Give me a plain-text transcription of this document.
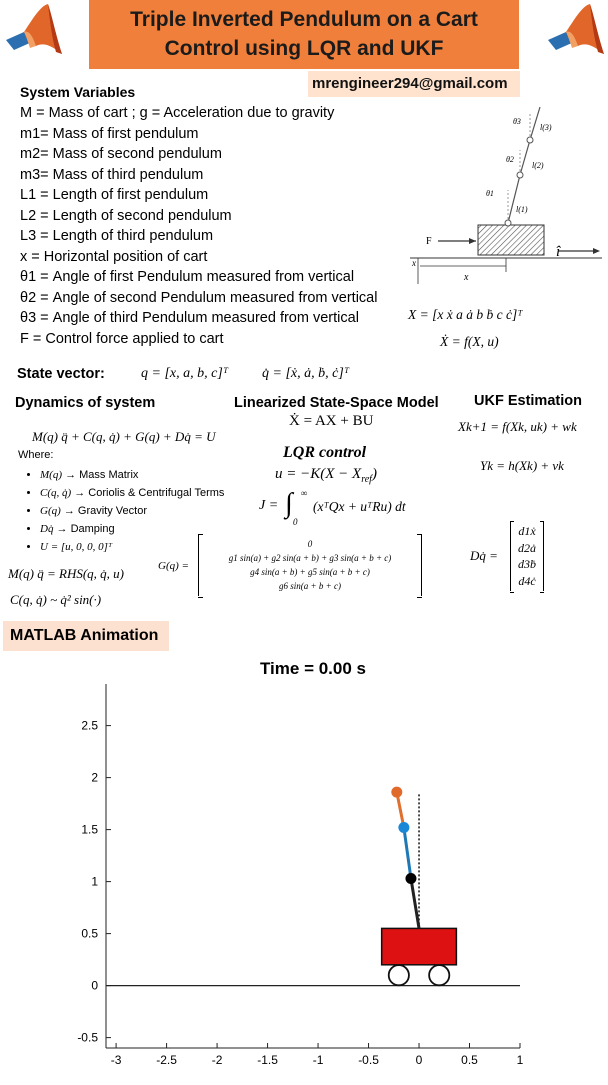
Triple Inverted Pendulum on a Cart
Control using LQR and UKF
mrengineer294@gmail.com
System Variables
M = Mass of cart ; g = Acceleration due to gravity
m1= Mass of first pendulum
m2= Mass of second pendulum
m3= Mass of third pendulum
L1 = Length of first pendulum
L2 = Length of second pendulum
L3 = Length of third pendulum
x = Horizontal position of cart
θ1 = Angle of first Pendulum measured from vertical
θ2 = Angle of second Pendulum measured from vertical
θ3 = Angle of third Pendulum measured from vertical
F = Control force applied to cart
F
x
x
î
θ3
θ2
θ1
l(3)
l(2)
l(1)
X = [x ẋ a ȧ b ḃ c ċ]ᵀ
Ẋ = f(X, u)
State vector:	q = [x, a, b, c]ᵀ q̇ = [ẋ, ȧ, ḃ, ċ]ᵀ
Dynamics of system
M(q) q̈ + C(q, q̇) + G(q) + Dq̇ = U
Where:
• M(q) → Mass Matrix
• C(q, q̇) → Coriolis & Centrifugal Terms
• G(q) → Gravity Vector
• Dq̇ → Damping
• U = [u, 0, 0, 0]ᵀ
M(q) q̈ = RHS(q, q̇, u)
C(q, q̇) ~ q̇² sin(·)
Linearized State-Space Model
Ẋ = AX + BU
LQR control
$u = -K(X - X_{ref})$
J = ∫ ∞
0
(xᵀQx + uᵀRu) dt
UKF Estimation
Xk+1 = f(Xk, uk) + wk
Yk = h(Xk) + vk
G(q) =
0
g1 sin(a) + g2 sin(a + b) + g3 sin(a + b + c)
g4 sin(a + b) + g5 sin(a + b + c)
g6 sin(a + b + c)
Dq̇ =
d1ẋ
d2ȧ
d3ḃ
d4ċ
MATLAB Animation
Time = 0.00 s
-3	-2.5	-2	-1.5	-1	-0.5	0	0.5	1
-0.5
0
0.5
1
1.5
2
2.5
